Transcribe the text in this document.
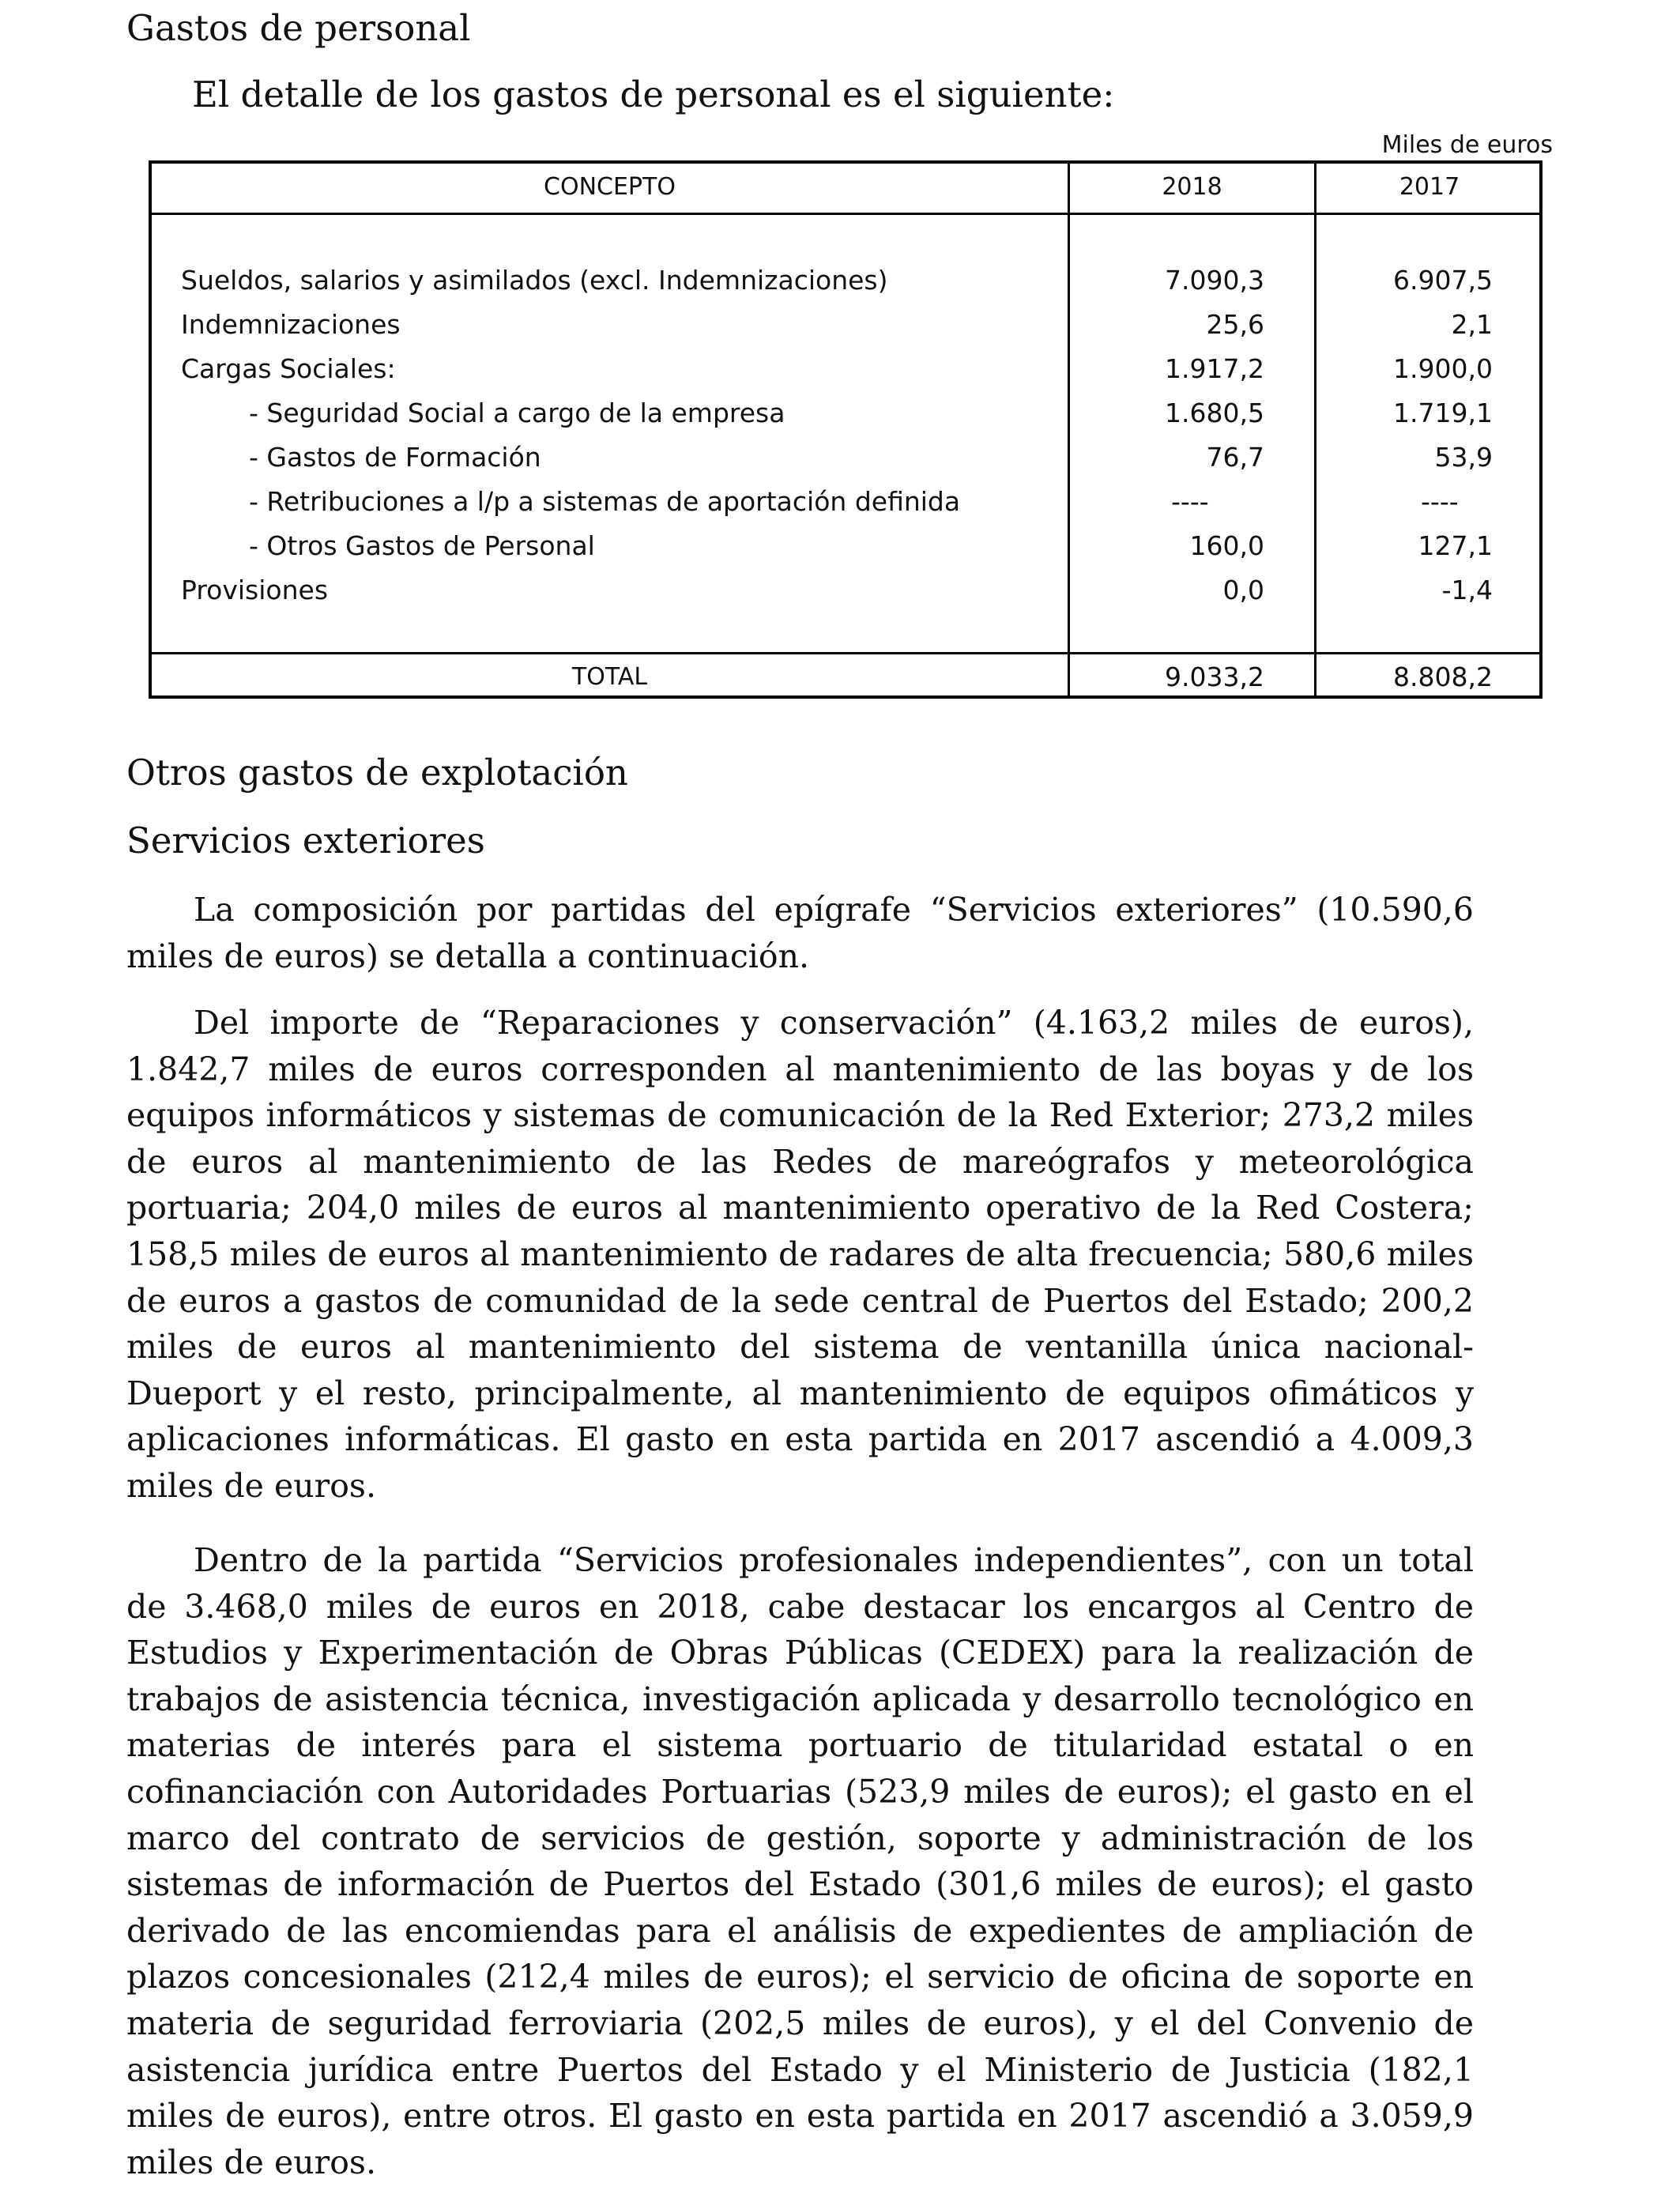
Gastos de personal
El detalle de los gastos de personal es el siguiente:
Miles de euros
CONCEPTO	2018	2017
Sueldos, salarios y asimilados (excl. Indemnizaciones)	7.090,3	6.907,5
Indemnizaciones	25,6	2,1
Cargas Sociales:	1.917,2	1.900,0
- Seguridad Social a cargo de la empresa	1.680,5	1.719,1
- Gastos de Formación	76,7	53,9
- Retribuciones a l/p a sistemas de aportación definida	----	----
- Otros Gastos de Personal	160,0	127,1
Provisiones	0,0	-1,4
TOTAL	9.033,2	8.808,2
Otros gastos de explotación
Servicios exteriores

La composición por partidas del epígrafe “Servicios exteriores” (10.590,6 miles de euros) se detalla a continuación.

Del importe de “Reparaciones y conservación” (4.163,2 miles de euros), 1.842,7 miles de euros corresponden al mantenimiento de las boyas y de los equipos informáticos y sistemas de comunicación de la Red Exterior; 273,2 miles de euros al mantenimiento de las Redes de mareógrafos y meteorológica portuaria; 204,0 miles de euros al mantenimiento operativo de la Red Costera; 158,5 miles de euros al mantenimiento de radares de alta frecuencia; 580,6 miles de euros a gastos de comunidad de la sede central de Puertos del Estado; 200,2 miles de euros al mantenimiento del sistema de ventanilla única nacional-Dueport y el resto, principalmente, al mantenimiento de equipos ofimáticos y aplicaciones informáticas. El gasto en esta partida en 2017 ascendió a 4.009,3 miles de euros.

Dentro de la partida “Servicios profesionales independientes”, con un total de 3.468,0 miles de euros en 2018, cabe destacar los encargos al Centro de Estudios y Experimentación de Obras Públicas (CEDEX) para la realización de trabajos de asistencia técnica, investigación aplicada y desarrollo tecnológico en materias de interés para el sistema portuario de titularidad estatal o en cofinanciación con Autoridades Portuarias (523,9 miles de euros); el gasto en el marco del contrato de servicios de gestión, soporte y administración de los sistemas de información de Puertos del Estado (301,6 miles de euros); el gasto derivado de las encomiendas para el análisis de expedientes de ampliación de plazos concesionales (212,4 miles de euros); el servicio de oficina de soporte en materia de seguridad ferroviaria (202,5 miles de euros), y el del Convenio de asistencia jurídica entre Puertos del Estado y el Ministerio de Justicia (182,1 miles de euros), entre otros. El gasto en esta partida en 2017 ascendió a 3.059,9 miles de euros.
